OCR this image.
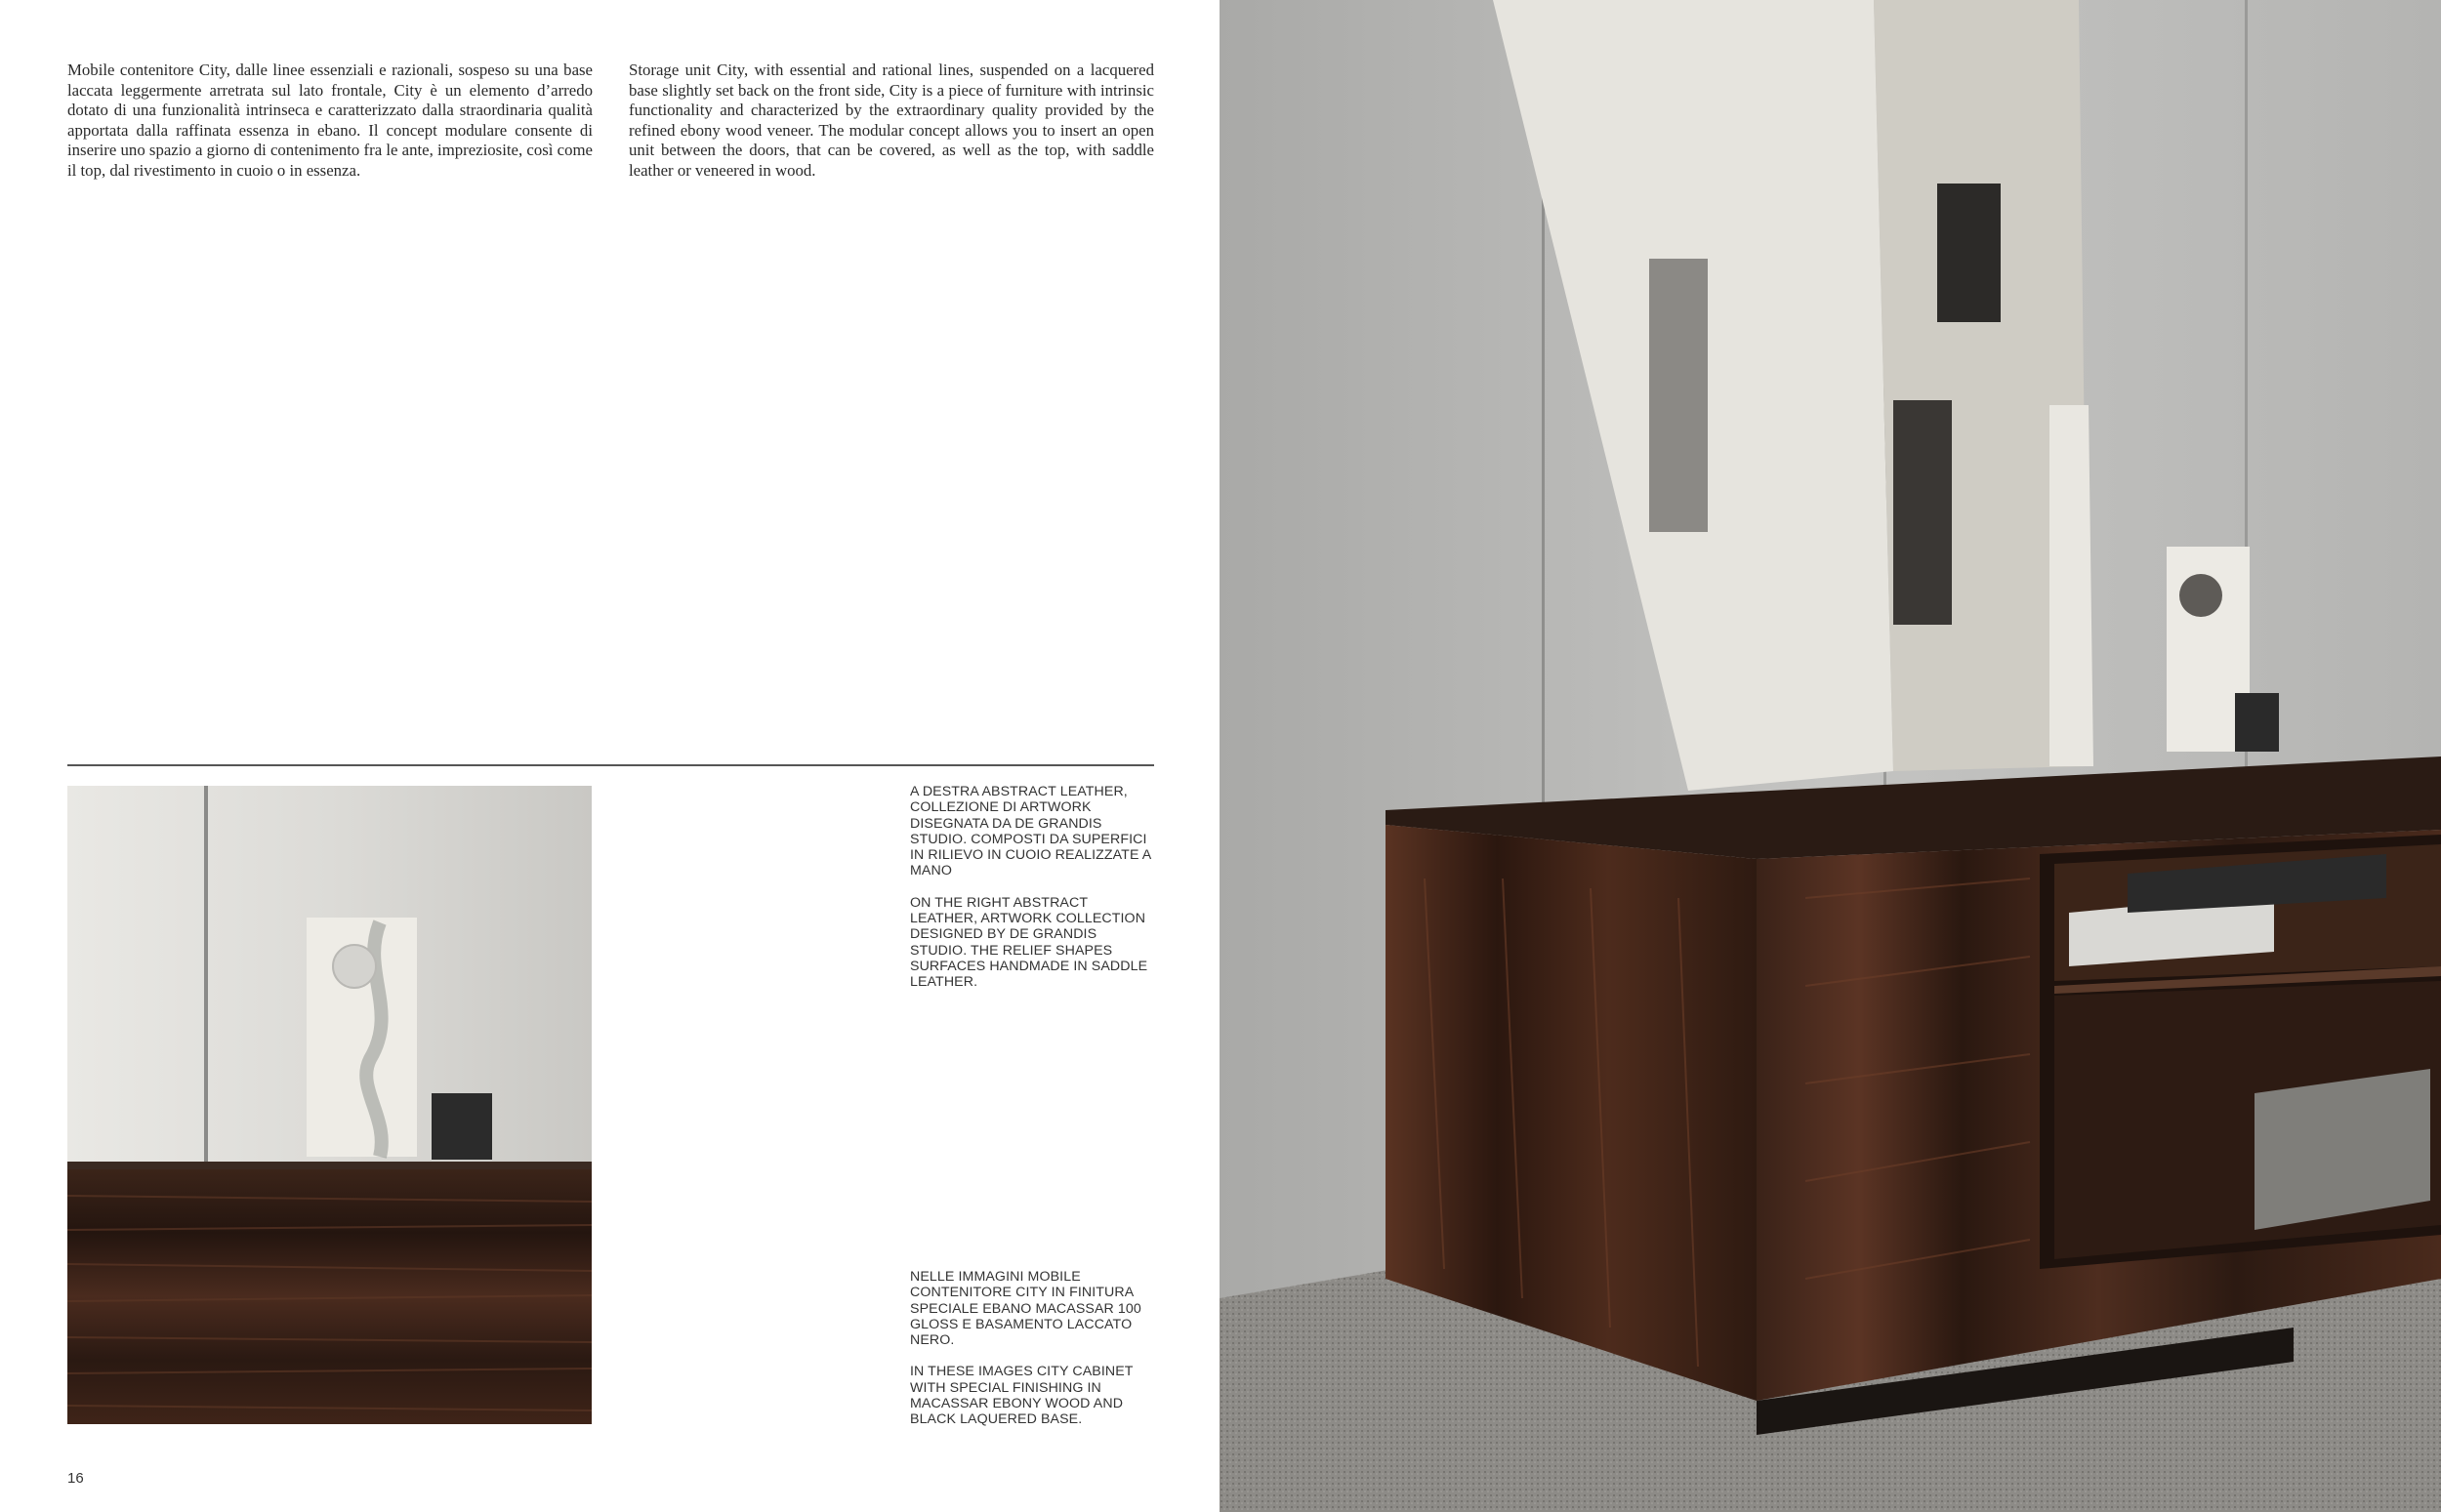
Mobile contenitore City, dalle linee essenziali e razionali, sospeso su una base laccata leggermente arretrata sul lato frontale, City è un elemento d’arredo dotato di una funzionalità intrinseca e caratterizzato dalla straordinaria qualità apportata dalla raffinata essenza in ebano. Il concept modulare consente di inserire uno spazio a giorno di contenimento fra le ante, impreziosite, così come il top, dal rivestimento in cuoio o in essenza.
Storage unit City, with essential and rational lines, suspended on a lacquered base slightly set back on the front side, City is a piece of furniture with intrinsic functionality and characterized by the extraordinary quality provided by the refined ebony wood veneer. The modular concept allows you to insert an open unit between the doors, that can be covered, as well as the top, with saddle leather or veneered in wood.

A DESTRA ABSTRACT LEATHER, COLLEZIONE DI ARTWORK DISEGNATA DA DE GRANDIS STUDIO. COMPOSTI DA SUPERFICI IN RILIEVO IN CUOIO REALIZZATE A MANO

ON THE RIGHT ABSTRACT LEATHER, ARTWORK COLLECTION DESIGNED BY DE GRANDIS STUDIO. THE RELIEF SHAPES SURFACES HANDMADE IN SADDLE LEATHER.

NELLE IMMAGINI MOBILE CONTENITORE CITY IN FINITURA SPECIALE EBANO MACASSAR 100 GLOSS E BASAMENTO LACCATO NERO.

IN THESE IMAGES CITY CABINET WITH SPECIAL FINISHING IN MACASSAR EBONY WOOD AND BLACK LAQUERED BASE.

16
